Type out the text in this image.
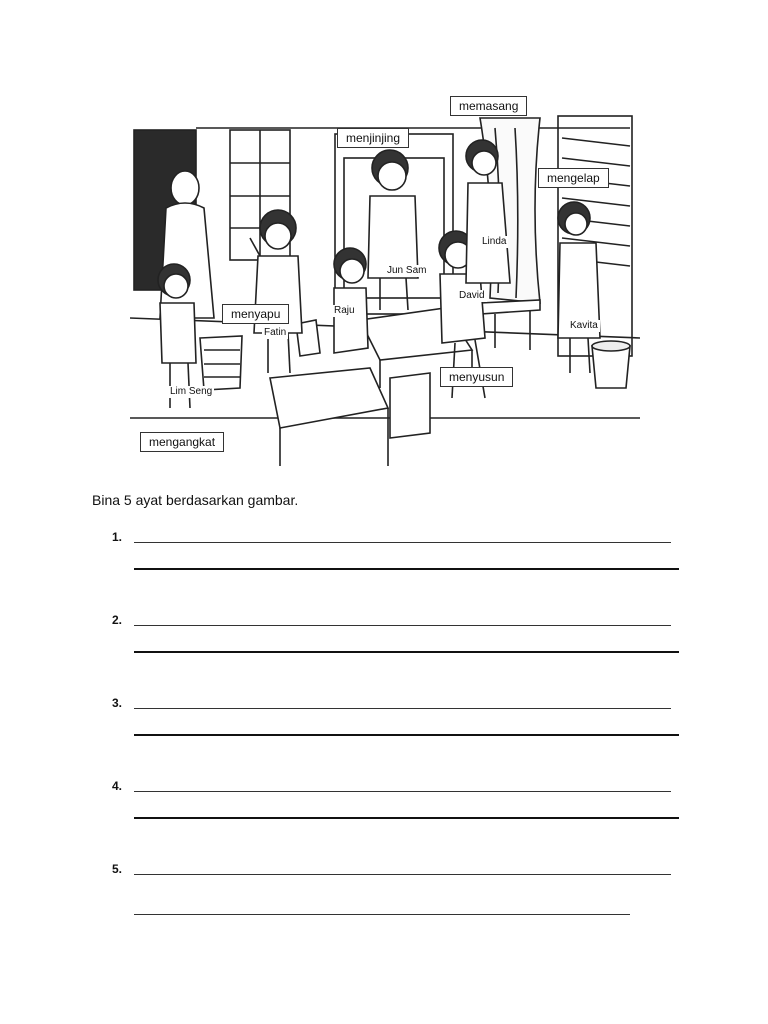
memasang
menjinjing
mengelap
menyapu
menyusun
mengangkat
Linda
Jun Sam
David
Kavita
Raju
Fatin
Lim Seng
Bina 5 ayat berdasarkan gambar.
1.
2.
3.
4.
5.
